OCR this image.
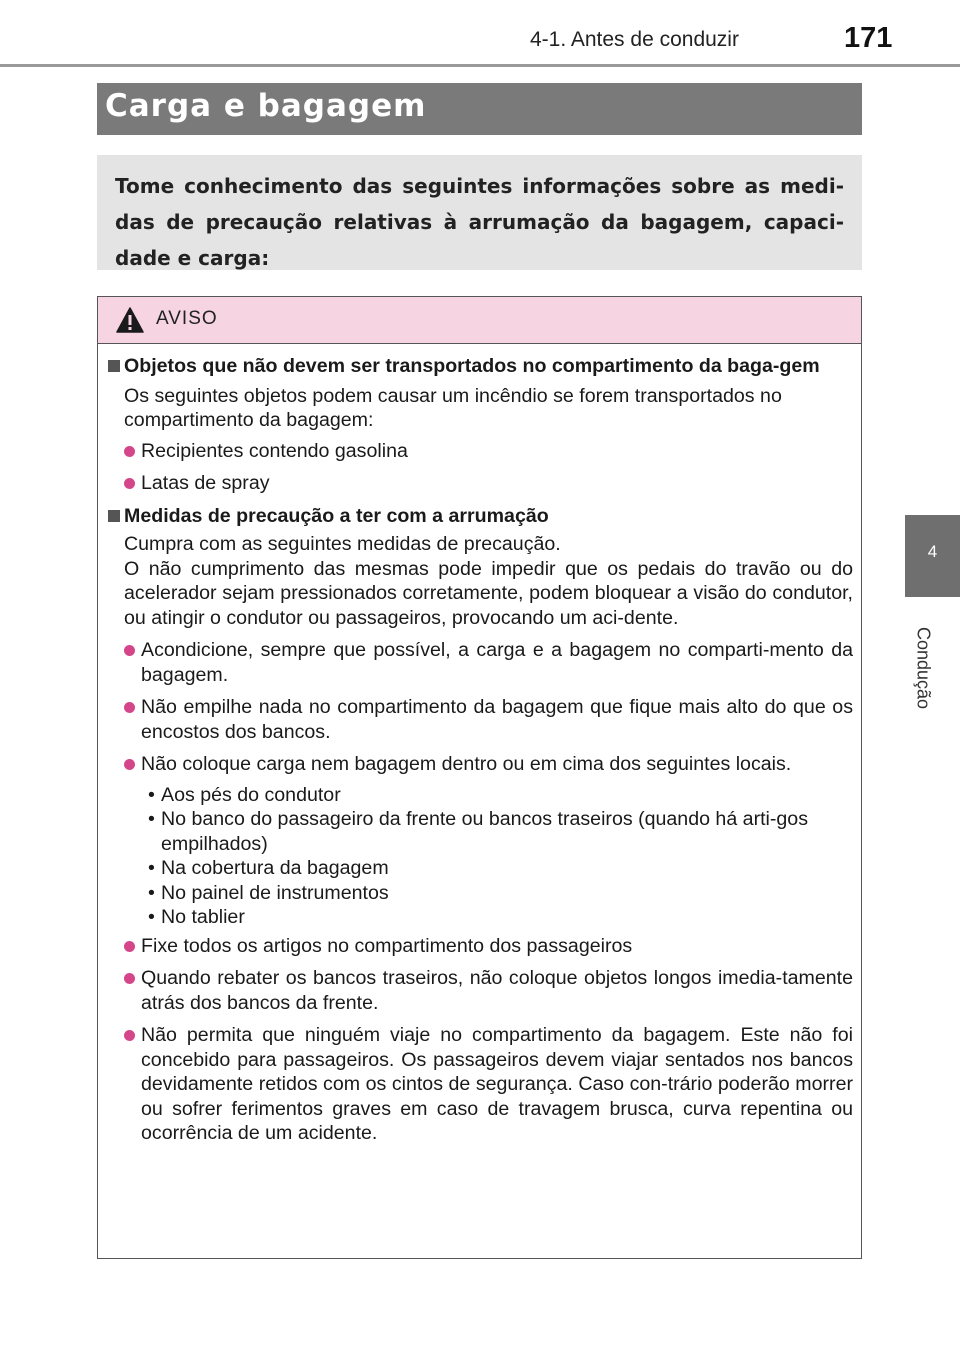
4-1. Antes de conduzir	171
4
Condução
Carga e bagagem
Tome conhecimento das seguintes informações sobre as medi-das de precaução relativas à arrumação da bagagem, capaci-dade e carga:
AVISO

Objetos que não devem ser transportados no compartimento da baga-gem

Os seguintes objetos podem causar um incêndio se forem transportados no compartimento da bagagem:

Recipientes contendo gasolina

Latas de spray

Medidas de precaução a ter com a arrumação

Cumpra com as seguintes medidas de precaução.

O não cumprimento das mesmas pode impedir que os pedais do travão ou do acelerador sejam pressionados corretamente, podem bloquear a visão do condutor, ou atingir o condutor ou passageiros, provocando um aci-dente.

Acondicione, sempre que possível, a carga e a bagagem no comparti-mento da bagagem.

Não empilhe nada no compartimento da bagagem que fique mais alto do que os encostos dos bancos.

Não coloque carga nem bagagem dentro ou em cima dos seguintes locais.

• Aos pés do condutor

• No banco do passageiro da frente ou bancos traseiros (quando há arti-gos empilhados)

• Na cobertura da bagagem

• No painel de instrumentos

• No tablier

Fixe todos os artigos no compartimento dos passageiros

Quando rebater os bancos traseiros, não coloque objetos longos imedia-tamente atrás dos bancos da frente.

Não permita que ninguém viaje no compartimento da bagagem. Este não foi concebido para passageiros. Os passageiros devem viajar sentados nos bancos devidamente retidos com os cintos de segurança. Caso con-trário poderão morrer ou sofrer ferimentos graves em caso de travagem brusca, curva repentina ou ocorrência de um acidente.
